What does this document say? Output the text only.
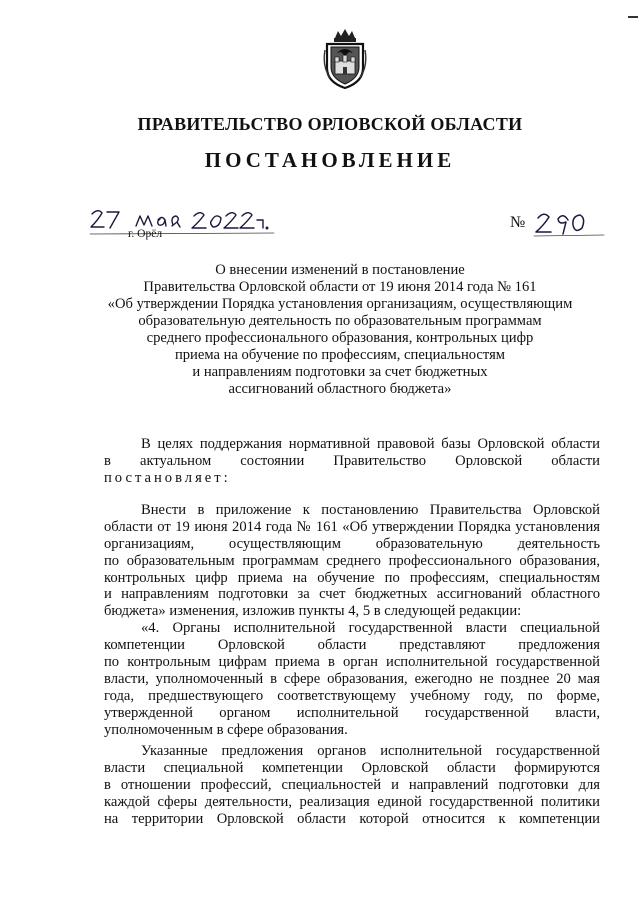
ПРАВИТЕЛЬСТВО ОРЛОВСКОЙ ОБЛАСТИ
ПОСТАНОВЛЕНИЕ
г. Орёл
№
О внесении изменений в постановление
Правительства Орловской области от 19 июня 2014 года № 161
«Об утверждении Порядка установления организациям, осуществляющим
образовательную деятельность по образовательным программам
среднего профессионального образования, контрольных цифр
приема на обучение по профессиям, специальностям
и направлениям подготовки за счет бюджетных
ассигнований областного бюджета»
В целях поддержания нормативной правовой базы Орловской области
в актуальном состоянии Правительство Орловской области
постановляет:
Внести в приложение к постановлению Правительства Орловской
области от 19 июня 2014 года № 161 «Об утверждении Порядка установления
организациям, осуществляющим образовательную деятельность
по образовательным программам среднего профессионального образования,
контрольных цифр приема на обучение по профессиям, специальностям
и направлениям подготовки за счет бюджетных ассигнований областного
бюджета» изменения, изложив пункты 4, 5 в следующей редакции:
«4. Органы исполнительной государственной власти специальной
компетенции Орловской области представляют предложения
по контрольным цифрам приема в орган исполнительной государственной
власти, уполномоченный в сфере образования, ежегодно не позднее 20 мая
года, предшествующего соответствующему учебному году, по форме,
утвержденной органом исполнительной государственной власти,
уполномоченным в сфере образования.
Указанные предложения органов исполнительной государственной
власти специальной компетенции Орловской области формируются
в отношении профессий, специальностей и направлений подготовки для
каждой сферы деятельности, реализация единой государственной политики
на территории Орловской области которой относится к компетенции
